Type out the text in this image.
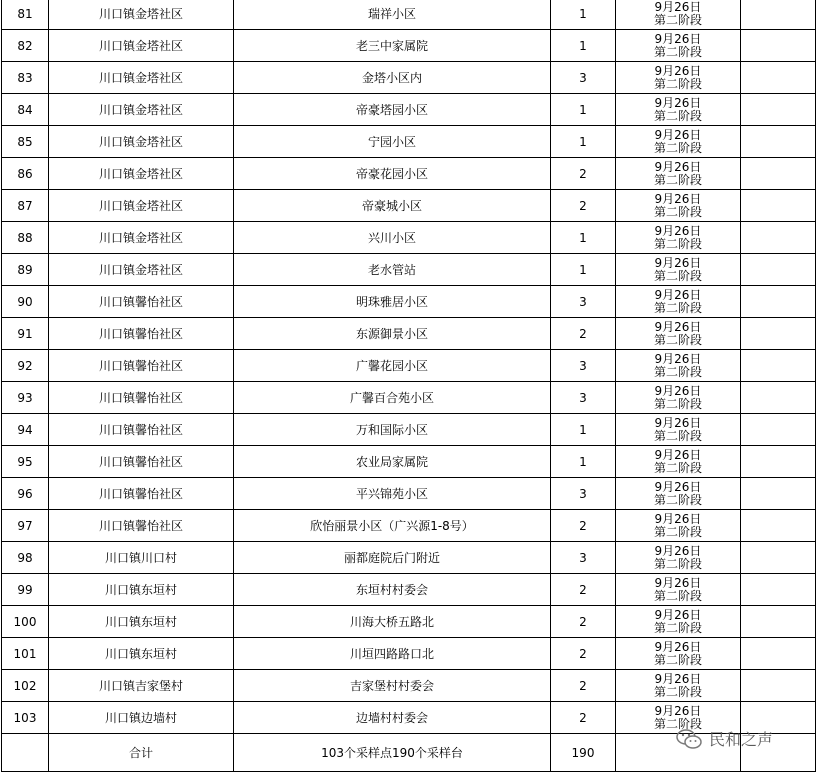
81	川口镇金塔社区	瑞祥小区	1	9月26日
第二阶段	

82	川口镇金塔社区	老三中家属院	1	9月26日
第二阶段	

83	川口镇金塔社区	金塔小区内	3	9月26日
第二阶段	

84	川口镇金塔社区	帝豪塔园小区	1	9月26日
第二阶段	

85	川口镇金塔社区	宁园小区	1	9月26日
第二阶段	

86	川口镇金塔社区	帝豪花园小区	2	9月26日
第二阶段	

87	川口镇金塔社区	帝豪城小区	2	9月26日
第二阶段	

88	川口镇金塔社区	兴川小区	1	9月26日
第二阶段	

89	川口镇金塔社区	老水管站	1	9月26日
第二阶段	

90	川口镇馨怡社区	明珠雅居小区	3	9月26日
第二阶段	

91	川口镇馨怡社区	东源御景小区	2	9月26日
第二阶段	

92	川口镇馨怡社区	广馨花园小区	3	9月26日
第二阶段	

93	川口镇馨怡社区	广馨百合苑小区	3	9月26日
第二阶段	

94	川口镇馨怡社区	万和国际小区	1	9月26日
第二阶段	

95	川口镇馨怡社区	农业局家属院	1	9月26日
第二阶段	

96	川口镇馨怡社区	平兴锦苑小区	3	9月26日
第二阶段	

97	川口镇馨怡社区	欣怡丽景小区（广兴源1-8号）	2	9月26日
第二阶段	

98	川口镇川口村	丽都庭院后门附近	3	9月26日
第二阶段	

99	川口镇东垣村	东垣村村委会	2	9月26日
第二阶段	

100	川口镇东垣村	川海大桥五路北	2	9月26日
第二阶段	

101	川口镇东垣村	川垣四路路口北	2	9月26日
第二阶段	

102	川口镇吉家堡村	吉家堡村村委会	2	9月26日
第二阶段	

103	川口镇边墙村	边墙村村委会	2	9月26日
第二阶段	

	合计	103个采样点190个采样台	190		
民和之声
